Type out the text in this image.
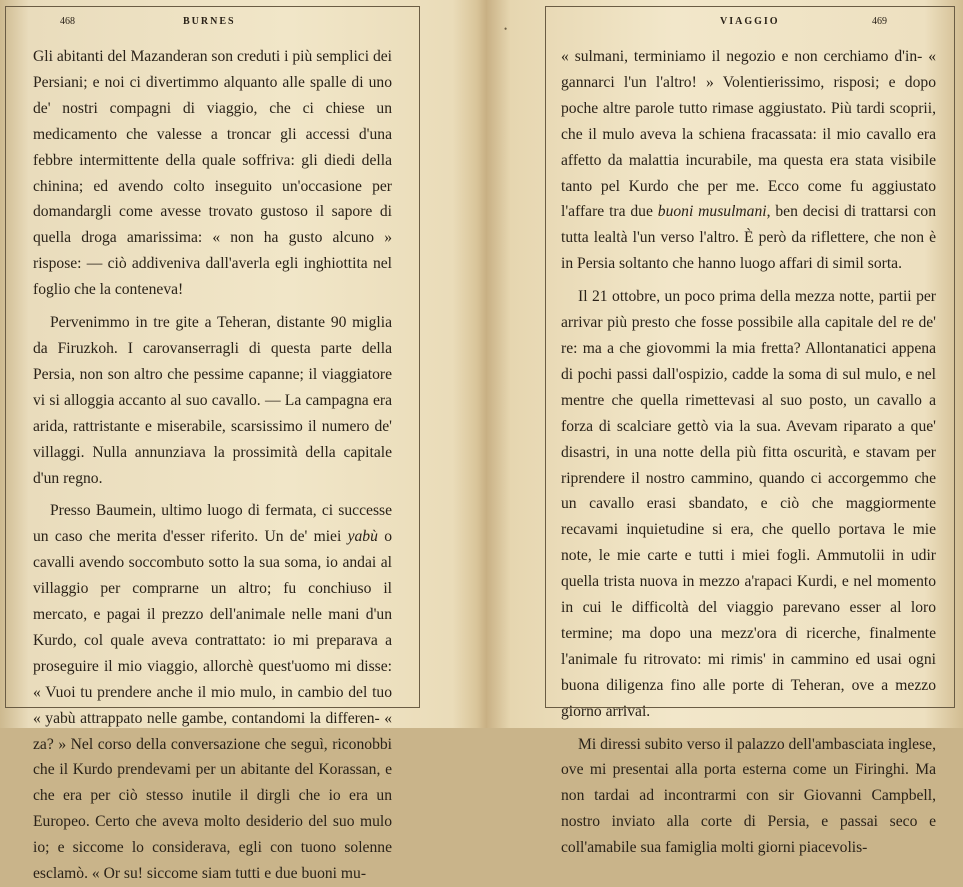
468	BURNES

Gli abitanti del Mazanderan son creduti i più semplici dei Persiani; e noi ci divertimmo alquanto alle spalle di uno de' nostri compagni di viaggio, che ci chiese un medicamento che valesse a troncar gli accessi d'una febbre intermittente della quale soffriva: gli diedi della chinina; ed avendo colto inseguito un'occasione per domandargli come avesse trovato gustoso il sapore di quella droga amarissima: « non ha gusto alcuno » rispose: — ciò addiveniva dall'averla egli inghiottita nel foglio che la conteneva!

Pervenimmo in tre gite a Teheran, distante 90 miglia da Firuzkoh. I carovanserragli di questa parte della Persia, non son altro che pessime capanne; il viaggiatore vi si alloggia accanto al suo cavallo. — La campagna era arida, rattristante e miserabile, scarsissimo il numero de' villaggi. Nulla annunziava la prossimità della capitale d'un regno.

Presso Baumein, ultimo luogo di fermata, ci successe un caso che merita d'esser riferito. Un de' miei yabù o cavalli avendo soccombuto sotto la sua soma, io andai al villaggio per comprarne un altro; fu conchiuso il mercato, e pagai il prezzo dell'animale nelle mani d'un Kurdo, col quale aveva contrattato: io mi preparava a proseguire il mio viaggio, allorchè quest'uomo mi disse: « Vuoi tu prendere anche il mio mulo, in cambio del tuo « yabù attrappato nelle gambe, contandomi la differen- « za? » Nel corso della conversazione che seguì, riconobbi che il Kurdo prendevami per un abitante del Korassan, e che era per ciò stesso inutile il dirgli che io era un Europeo. Certo che aveva molto desiderio del suo mulo io; e siccome lo considerava, egli con tuono solenne esclamò. « Or su! siccome siam tutti e due buoni mu-

•
VIAGGIO	469

« sulmani, terminiamo il negozio e non cerchiamo d'in- « gannarci l'un l'altro! » Volentierissimo, risposi; e dopo poche altre parole tutto rimase aggiustato. Più tardi scoprii, che il mulo aveva la schiena fracassata: il mio cavallo era affetto da malattia incurabile, ma questa era stata visibile tanto pel Kurdo che per me. Ecco come fu aggiustato l'affare tra due buoni musulmani, ben decisi di trattarsi con tutta lealtà l'un verso l'altro. È però da riflettere, che non è in Persia soltanto che hanno luogo affari di simil sorta.

Il 21 ottobre, un poco prima della mezza notte, partii per arrivar più presto che fosse possibile alla capitale del re de' re: ma a che giovommi la mia fretta? Allontanatici appena di pochi passi dall'ospizio, cadde la soma di sul mulo, e nel mentre che quella rimettevasi al suo posto, un cavallo a forza di scalciare gettò via la sua. Avevam riparato a que' disastri, in una notte della più fitta oscurità, e stavam per riprendere il nostro cammino, quando ci accorgemmo che un cavallo erasi sbandato, e ciò che maggiormente recavami inquietudine si era, che quello portava le mie note, le mie carte e tutti i miei fogli. Ammutolii in udir quella trista nuova in mezzo a'rapaci Kurdi, e nel momento in cui le difficoltà del viaggio parevano esser al loro termine; ma dopo una mezz'ora di ricerche, finalmente l'animale fu ritrovato: mi rimis' in cammino ed usai ogni buona diligenza fino alle porte di Teheran, ove a mezzo giorno arrivai.

Mi diressi subito verso il palazzo dell'ambasciata inglese, ove mi presentai alla porta esterna come un Firinghi. Ma non tardai ad incontrarmi con sir Giovanni Campbell, nostro inviato alla corte di Persia, e passai seco e coll'amabile sua famiglia molti giorni piacevolis-
